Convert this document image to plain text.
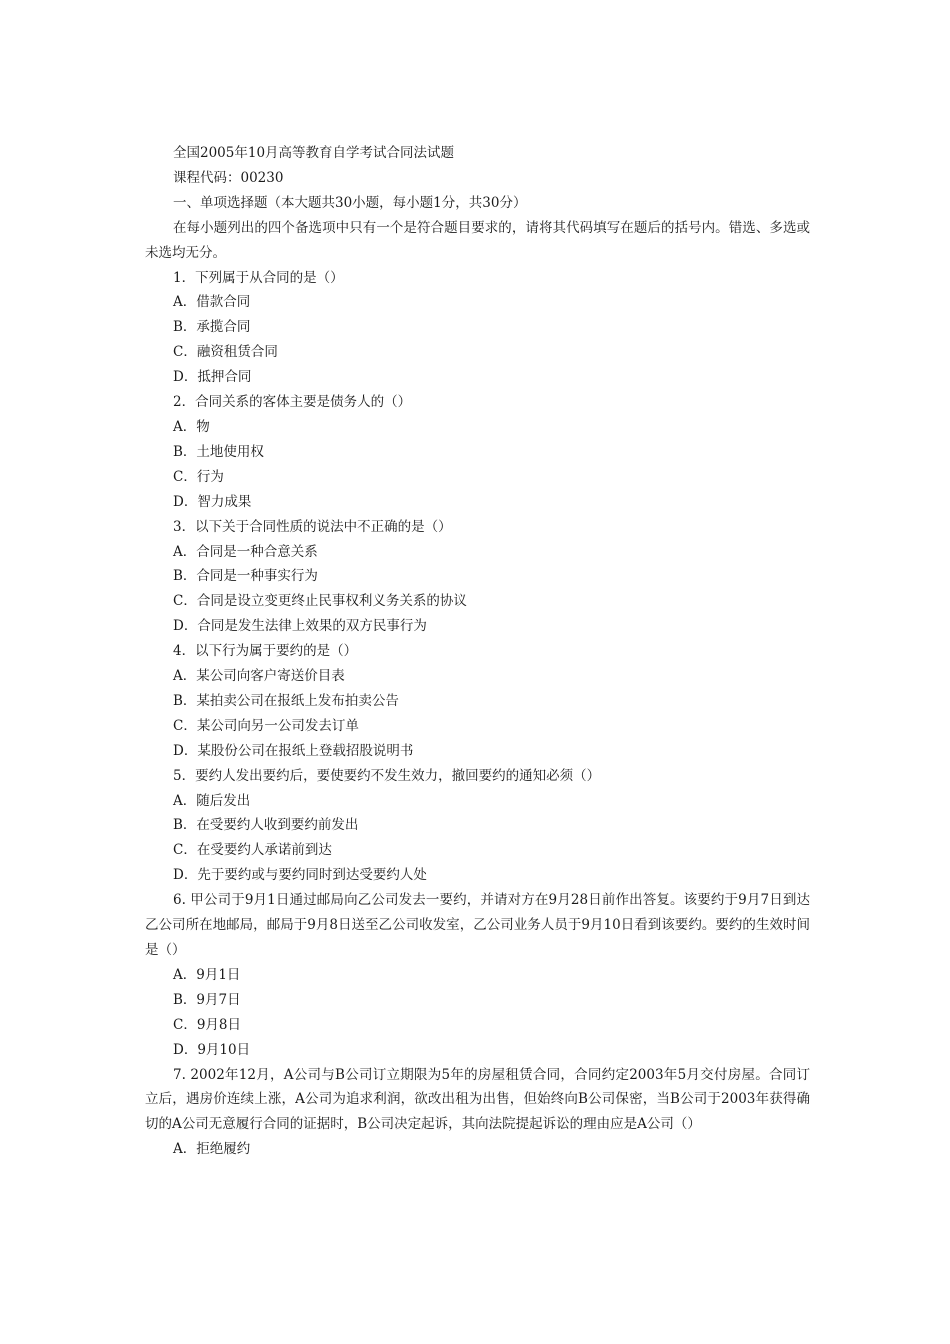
全国2005年10月高等教育自学考试合同法试题

课程代码：00230

一、单项选择题（本大题共30小题，每小题1分，共30分）

在每小题列出的四个备选项中只有一个是符合题目要求的，请将其代码填写在题后的括号内。错选、多选或未选均无分。

1．下列属于从合同的是（）

A．借款合同

B．承揽合同

C．融资租赁合同

D．抵押合同

2．合同关系的客体主要是债务人的（）

A．物

B．土地使用权

C．行为

D．智力成果

3．以下关于合同性质的说法中不正确的是（）

A．合同是一种合意关系

B．合同是一种事实行为

C．合同是设立变更终止民事权利义务关系的协议

D．合同是发生法律上效果的双方民事行为

4．以下行为属于要约的是（）

A．某公司向客户寄送价目表

B．某拍卖公司在报纸上发布拍卖公告

C．某公司向另一公司发去订单

D．某股份公司在报纸上登载招股说明书

5．要约人发出要约后，要使要约不发生效力，撤回要约的通知必须（）

A．随后发出

B．在受要约人收到要约前发出

C．在受要约人承诺前到达

D．先于要约或与要约同时到达受要约人处

6. 甲公司于9月1日通过邮局向乙公司发去一要约，并请对方在9月28日前作出答复。该要约于9月7日到达乙公司所在地邮局，邮局于9月8日送至乙公司收发室，乙公司业务人员于9月10日看到该要约。要约的生效时间是（）

A．9月1日

B．9月7日

C．9月8日

D．9月10日

7. 2002年12月，A公司与B公司订立期限为5年的房屋租赁合同，合同约定2003年5月交付房屋。合同订立后，遇房价连续上涨，A公司为追求利润，欲改出租为出售，但始终向B公司保密，当B公司于2003年获得确切的A公司无意履行合同的证据时，B公司决定起诉，其向法院提起诉讼的理由应是A公司（）

A．拒绝履约
